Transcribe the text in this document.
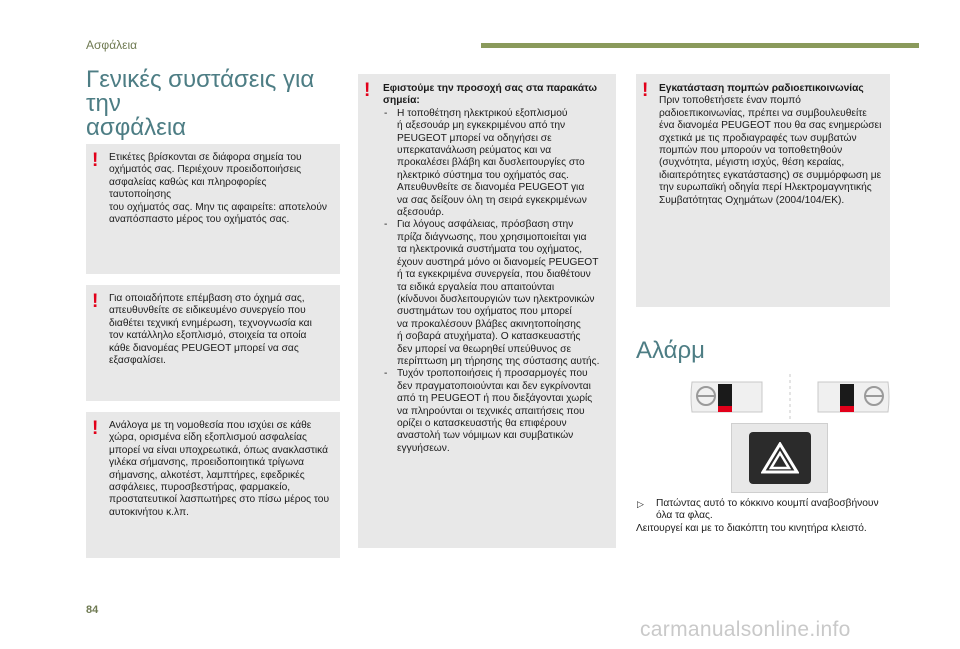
Ασφάλεια
Γενικές συστάσεις για την
ασφάλεια
! Ετικέτες βρίσκονται σε διάφορα σημεία του
οχήματός σας. Περιέχουν προειδοποιήσεις
ασφαλείας καθώς και πληροφορίες ταυτοποίησης
του οχήματός σας. Μην τις αφαιρείτε: αποτελούν
αναπόσπαστο μέρος του οχήματός σας.

! Για οποιαδήποτε επέμβαση στο όχημά σας,
απευθυνθείτε σε ειδικευμένο συνεργείο που
διαθέτει τεχνική ενημέρωση, τεχνογνωσία και
τον κατάλληλο εξοπλισμό, στοιχεία τα οποία
κάθε διανομέας PEUGEOT μπορεί να σας
εξασφαλίσει.

! Ανάλογα με τη νομοθεσία που ισχύει σε κάθε
χώρα, ορισμένα είδη εξοπλισμού ασφαλείας
μπορεί να είναι υποχρεωτικά, όπως ανακλαστικά
γιλέκα σήμανσης, προειδοποιητικά τρίγωνα
σήμανσης, αλκοτέστ, λαμπτήρες, εφεδρικές
ασφάλειες, πυροσβεστήρας, φαρμακείο,
προστατευτικοί λασπωτήρες στο πίσω μέρος του
αυτοκινήτου κ.λπ.

! Εφιστούμε την προσοχή σας στα παρακάτω
σημεία:

- Η τοποθέτηση ηλεκτρικού εξοπλισμού
ή αξεσουάρ μη εγκεκριμένου από την
PEUGEOT μπορεί να οδηγήσει σε
υπερκατανάλωση ρεύματος και να
προκαλέσει βλάβη και δυσλειτουργίες στο
ηλεκτρικό σύστημα του οχήματός σας.
Απευθυνθείτε σε διανομέα PEUGEOT για
να σας δείξουν όλη τη σειρά εγκεκριμένων
αξεσουάρ.
- Για λόγους ασφάλειας, πρόσβαση στην
πρίζα διάγνωσης, που χρησιμοποιείται για
τα ηλεκτρονικά συστήματα του οχήματος,
έχουν αυστηρά μόνο οι διανομείς PEUGEOT
ή τα εγκεκριμένα συνεργεία, που διαθέτουν
τα ειδικά εργαλεία που απαιτούνται
(κίνδυνοι δυσλειτουργιών των ηλεκτρονικών
συστημάτων του οχήματος που μπορεί
να προκαλέσουν βλάβες ακινητοποίησης
ή σοβαρά ατυχήματα). Ο κατασκευαστής
δεν μπορεί να θεωρηθεί υπεύθυνος σε
περίπτωση μη τήρησης της σύστασης αυτής.
- Τυχόν τροποποιήσεις ή προσαρμογές που
δεν πραγματοποιούνται και δεν εγκρίνονται
από τη PEUGEOT ή που διεξάγονται χωρίς
να πληρούνται οι τεχνικές απαιτήσεις που
ορίζει ο κατασκευαστής θα επιφέρουν
αναστολή των νόμιμων και συμβατικών
εγγυήσεων.
! Εγκατάσταση πομπών ραδιοεπικοινωνίας

Πριν τοποθετήσετε έναν πομπό
ραδιοεπικοινωνίας, πρέπει να συμβουλευθείτε
ένα διανομέα PEUGEOT που θα σας ενημερώσει
σχετικά με τις προδιαγραφές των συμβατών
πομπών που μπορούν να τοποθετηθούν
(συχνότητα, μέγιστη ισχύς, θέση κεραίας,
ιδιαιτερότητες εγκατάστασης) σε συμμόρφωση με
την ευρωπαϊκή οδηγία περί Ηλεκτρομαγνητικής
Συμβατότητας Οχημάτων (2004/104/ΕΚ).

Αλάρμ

▷ Πατώντας αυτό το κόκκινο κουμπί αναβοσβήνουν
όλα τα φλας.

Λειτουργεί και με το διακόπτη του κινητήρα κλειστό.

84
carmanualsonline.info
